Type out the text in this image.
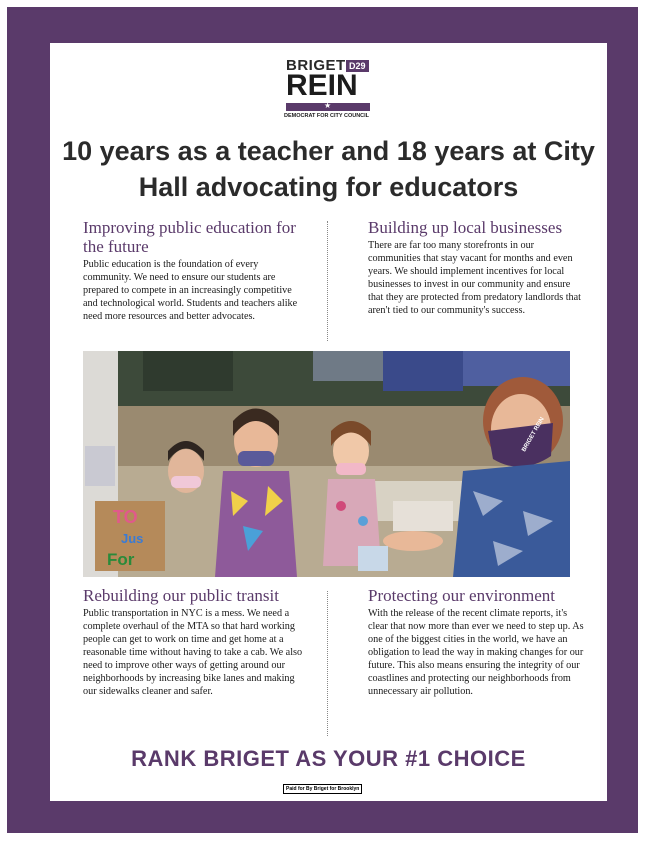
BRIGET D29
REIN
★
DEMOCRAT FOR CITY COUNCIL
10 years as a teacher and 18 years at City Hall advocating for educators
Improving public education for the future

Public education is the foundation of every community. We need to ensure our students are prepared to compete in an increasingly competitive and technological world. Students and teachers alike need more resources and better advocates.

Building up local businesses

There are far too many storefronts in our communities that stay vacant for months and even years. We should implement incentives for local businesses to invest in our community and ensure that they are protected from predatory landlords that aren't tied to our community's success.

TO
Jus
For
BRIGET REIN
Rebuilding our public transit

Public transportation in NYC is a mess. We need a complete overhaul of the MTA so that hard working people can get to work on time and get home at a reasonable time without having to take a cab. We also need to improve other ways of getting around our neighborhoods by increasing bike lanes and making our sidewalks cleaner and safer.

Protecting our environment

With the release of the recent climate reports, it's clear that now more than ever we need to step up. As one of the biggest cities in the world, we have an obligation to lead the way in making changes for our future. This also means ensuring the integrity of our coastlines and protecting our neighborhoods from unnecessary air pollution.

RANK BRIGET AS YOUR #1 CHOICE
Paid for By Briget for Brooklyn
